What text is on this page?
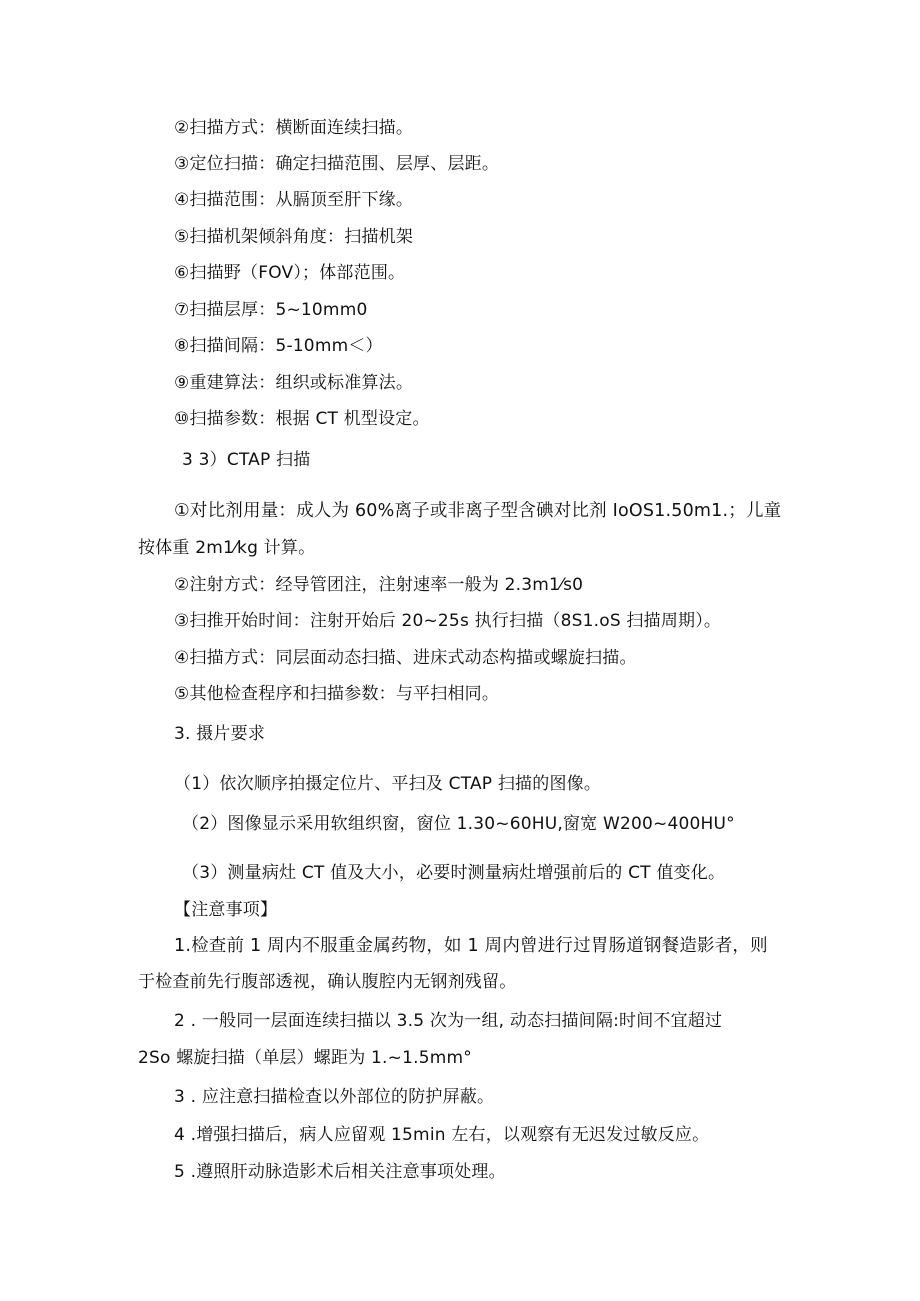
②扫描方式：横断面连续扫描。
③定位扫描：确定扫描范围、层厚、层距。
④扫描范围：从膈顶至肝下缘。
⑤扫描机架倾斜角度：扫描机架
⑥扫描野（FOV）；体部范围。
⑦扫描层厚：5~10mm0
⑧扫描间隔：5-10mm＜）
⑨重建算法：组织或标准算法。
⑩扫描参数：根据 CT 机型设定。
3 3）CTAP 扫描
①对比剂用量：成人为 60%离子或非离子型含碘对比剂 IoOS1.50m1.；儿童
按体重 2m1⁄kg 计算。
②注射方式：经导管团注，注射速率一般为 2.3m1⁄s0
③扫推开始时间：注射开始后 20~25s 执行扫描（8S1.oS 扫描周期）。
④扫描方式：同层面动态扫描、进床式动态构描或螺旋扫描。
⑤其他检查程序和扫描参数：与平扫相同。
3. 摄片要求
（1）依次顺序拍摄定位片、平扫及 CTAP 扫描的图像。
（2）图像显示采用软组织窗，窗位 1.30~60HU,窗宽 W200~400HU°
（3）测量病灶 CT 值及大小，必要时测量病灶增强前后的 CT 值变化。
【注意事项】
1.检查前 1 周内不服重金属药物，如 1 周内曾进行过胃肠道钢餐造影者，则
于检查前先行腹部透视，确认腹腔内无钢剂残留。
2 . 一般同一层面连续扫描以 3.5 次为一组, 动态扫描间隔:时间不宜超过
2So 螺旋扫描（单层）螺距为 1.~1.5mm°
3 . 应注意扫描检查以外部位的防护屏蔽。
4 .增强扫描后，病人应留观 15min 左右，以观察有无迟发过敏反应。
5 .遵照肝动脉造影术后相关注意事项处理。
